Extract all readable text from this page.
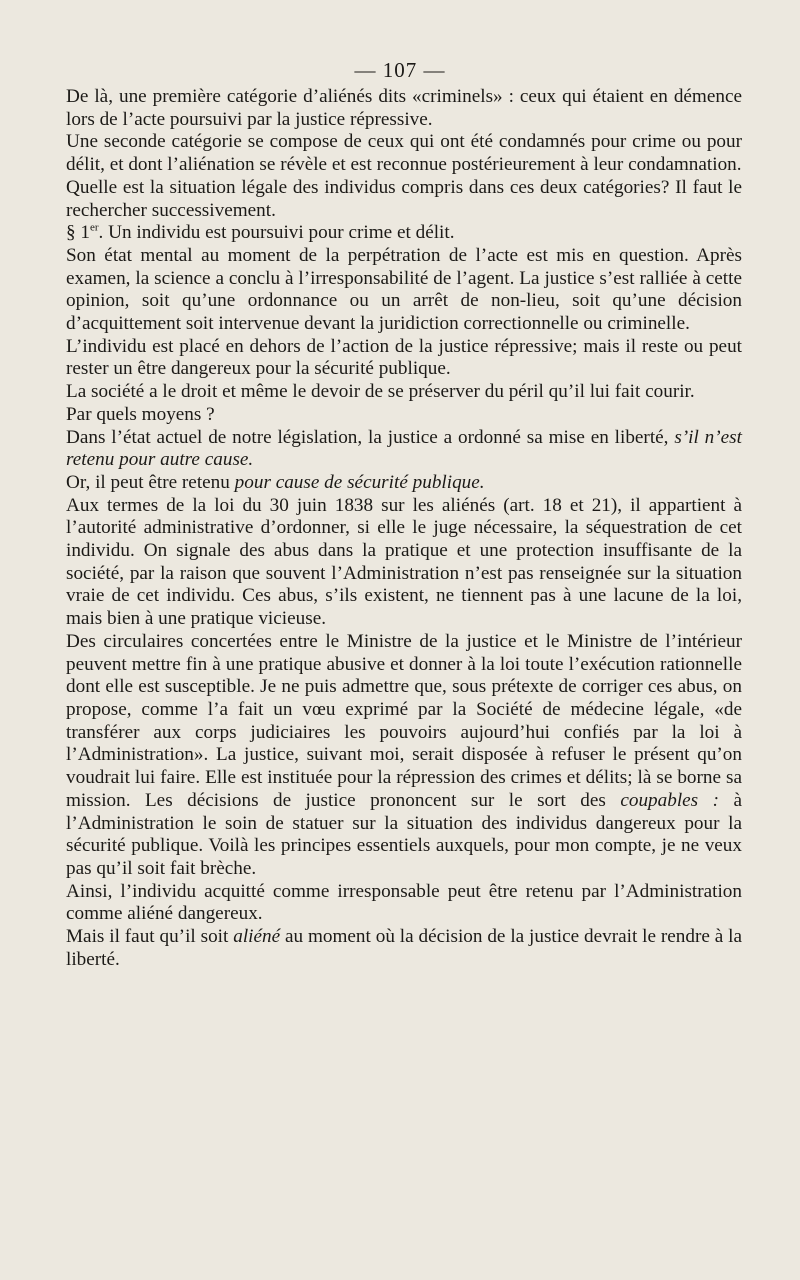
— 107 —

De là, une première catégorie d’aliénés dits «criminels» : ceux qui étaient en démence lors de l’acte poursuivi par la justice répressive.

Une seconde catégorie se compose de ceux qui ont été condamnés pour crime ou pour délit, et dont l’aliénation se révèle et est reconnue postérieurement à leur condamnation.

Quelle est la situation légale des individus compris dans ces deux catégories? Il faut le rechercher successivement.

§ 1er. Un individu est poursuivi pour crime et délit.

Son état mental au moment de la perpétration de l’acte est mis en question. Après examen, la science a conclu à l’irresponsabilité de l’agent. La justice s’est ralliée à cette opinion, soit qu’une ordonnance ou un arrêt de non-lieu, soit qu’une décision d’acquittement soit intervenue devant la juridiction correctionnelle ou criminelle.

L’individu est placé en dehors de l’action de la justice répressive; mais il reste ou peut rester un être dangereux pour la sécurité publique.

La société a le droit et même le devoir de se préserver du péril qu’il lui fait courir.

Par quels moyens ?

Dans l’état actuel de notre législation, la justice a ordonné sa mise en liberté, s’il n’est retenu pour autre cause.

Or, il peut être retenu pour cause de sécurité publique.

Aux termes de la loi du 30 juin 1838 sur les aliénés (art. 18 et 21), il appartient à l’autorité administrative d’ordonner, si elle le juge nécessaire, la séquestration de cet individu. On signale des abus dans la pratique et une protection insuffisante de la société, par la raison que souvent l’Administration n’est pas renseignée sur la situation vraie de cet individu. Ces abus, s’ils existent, ne tiennent pas à une lacune de la loi, mais bien à une pratique vicieuse.

Des circulaires concertées entre le Ministre de la justice et le Ministre de l’intérieur peuvent mettre fin à une pratique abusive et donner à la loi toute l’exécution rationnelle dont elle est susceptible. Je ne puis admettre que, sous prétexte de corriger ces abus, on propose, comme l’a fait un vœu exprimé par la Société de médecine légale, «de transférer aux corps judiciaires les pouvoirs aujourd’hui confiés par la loi à l’Administration». La justice, suivant moi, serait disposée à refuser le présent qu’on voudrait lui faire. Elle est instituée pour la répression des crimes et délits; là se borne sa mission. Les décisions de justice prononcent sur le sort des coupables : à l’Administration le soin de statuer sur la situation des individus dangereux pour la sécurité publique. Voilà les principes essentiels auxquels, pour mon compte, je ne veux pas qu’il soit fait brèche.

Ainsi, l’individu acquitté comme irresponsable peut être retenu par l’Administration comme aliéné dangereux.

Mais il faut qu’il soit aliéné au moment où la décision de la justice devrait le rendre à la liberté.
